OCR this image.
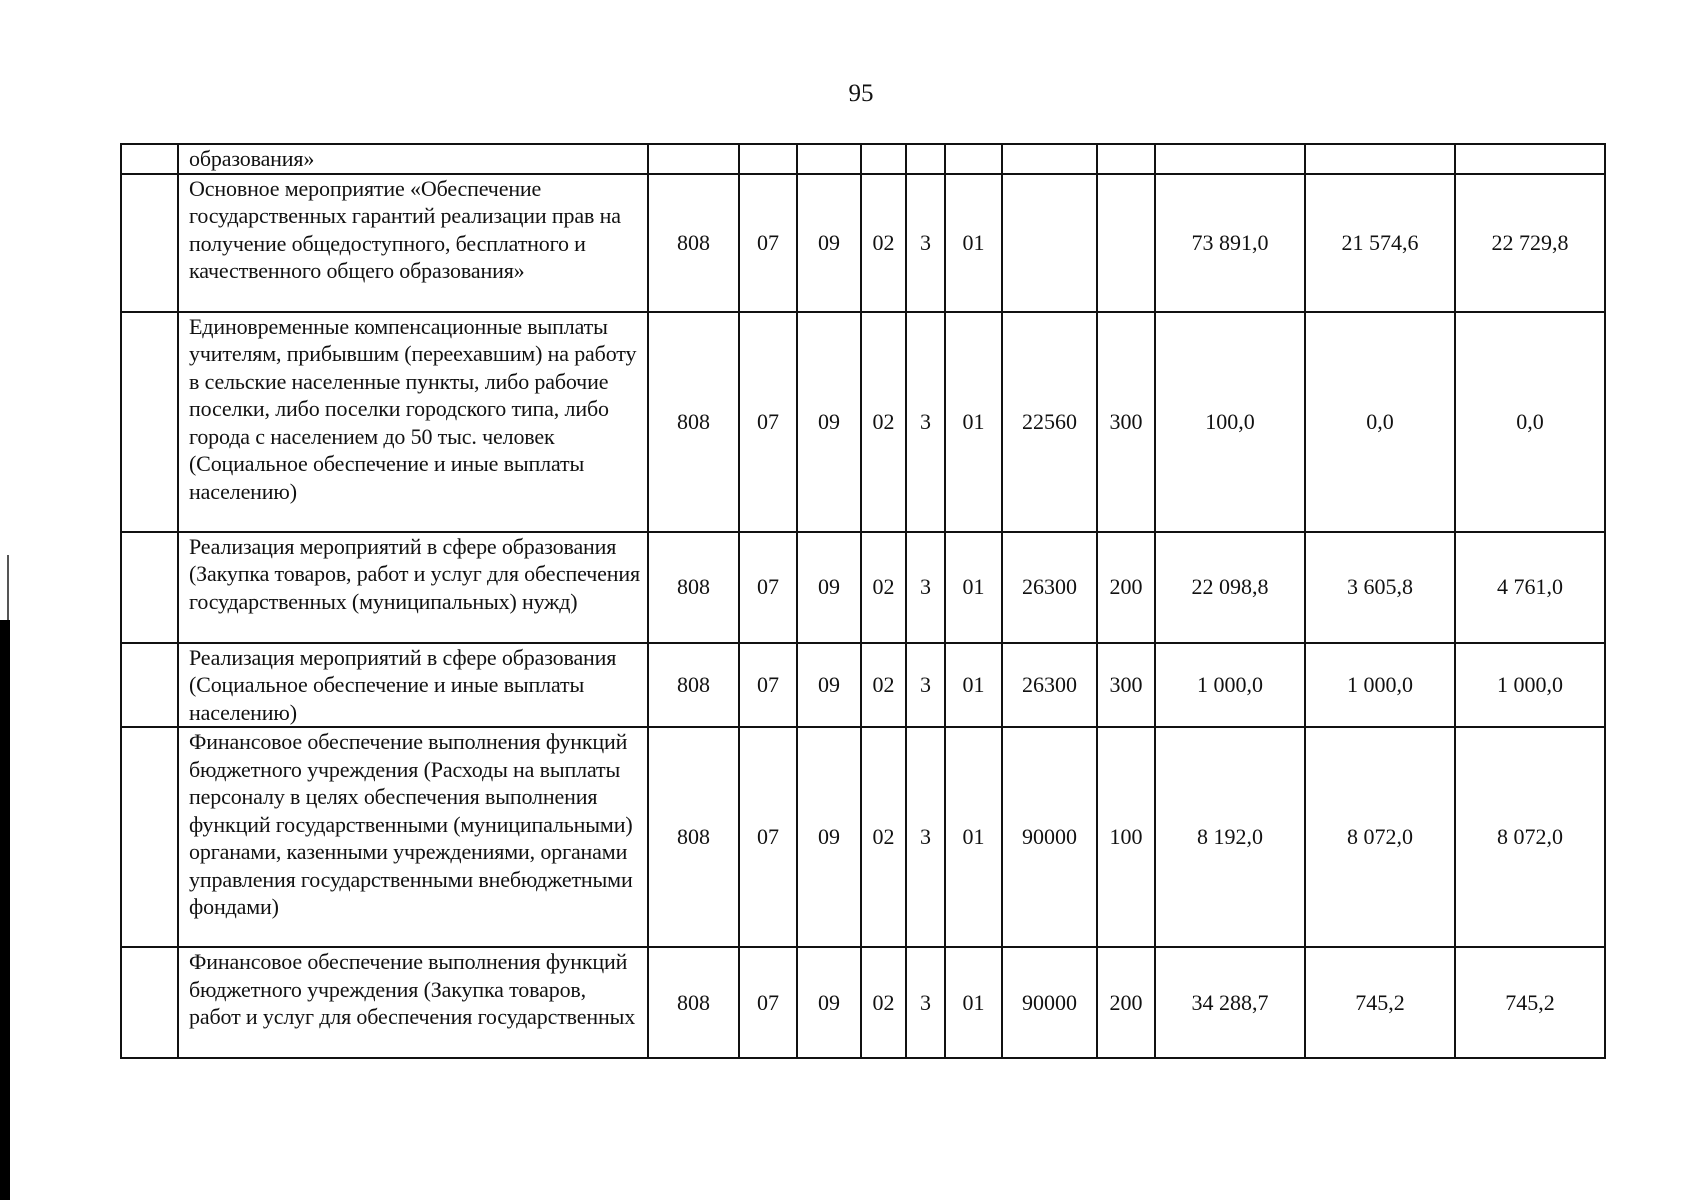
95
	образования»											
	Основное мероприятие «Обеспечение государственных гарантий реализации прав на получение общедоступного, бесплатного и качественного общего образования»	808	07	09	02	3	01			73 891,0	21 574,6	22 729,8
	Единовременные компенсационные выплаты учителям, прибывшим (переехавшим) на работу в сельские населенные пункты, либо рабочие поселки, либо поселки городского типа, либо города с населением до 50 тыс. человек (Социальное обеспечение и иные выплаты населению)	808	07	09	02	3	01	22560	300	100,0	0,0	0,0
	Реализация мероприятий в сфере образования (Закупка товаров, работ и услуг для обеспечения государственных (муниципальных) нужд)	808	07	09	02	3	01	26300	200	22 098,8	3 605,8	4 761,0
	Реализация мероприятий в сфере образования (Социальное обеспечение и иные выплаты населению)	808	07	09	02	3	01	26300	300	1 000,0	1 000,0	1 000,0
	Финансовое обеспечение выполнения функций бюджетного учреждения (Расходы на выплаты персоналу в целях обеспечения выполнения функций государственными (муниципальными) органами, казенными учреждениями, органами управления государственными внебюджетными фондами)	808	07	09	02	3	01	90000	100	8 192,0	8 072,0	8 072,0
	Финансовое обеспечение выполнения функций бюджетного учреждения (Закупка товаров, работ и услуг для обеспечения государственных	808	07	09	02	3	01	90000	200	34 288,7	745,2	745,2
